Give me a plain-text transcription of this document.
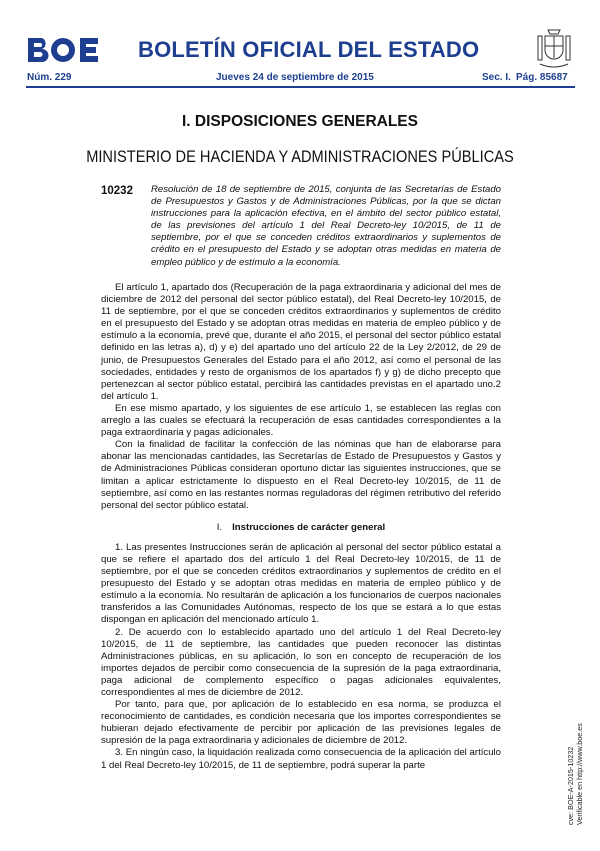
BOLETÍN OFICIAL DEL ESTADO
Núm. 229	Jueves 24 de septiembre de 2015	Sec. I. Pág. 85687
I. DISPOSICIONES GENERALES
MINISTERIO DE HACIENDA Y ADMINISTRACIONES PÚBLICAS
10232 Resolución de 18 de septiembre de 2015, conjunta de las Secretarías de Estado de Presupuestos y Gastos y de Administraciones Públicas, por la que se dictan instrucciones para la aplicación efectiva, en el ámbito del sector público estatal, de las previsiones del artículo 1 del Real Decreto-ley 10/2015, de 11 de septiembre, por el que se conceden créditos extraordinarios y suplementos de crédito en el presupuesto del Estado y se adoptan otras medidas en materia de empleo público y de estímulo a la economía.

El artículo 1, apartado dos (Recuperación de la paga extraordinaria y adicional del mes de diciembre de 2012 del personal del sector público estatal), del Real Decreto-ley 10/2015, de 11 de septiembre, por el que se conceden créditos extraordinarios y suplementos de crédito en el presupuesto del Estado y se adoptan otras medidas en materia de empleo público y de estímulo a la economía, prevé que, durante el año 2015, el personal del sector público estatal definido en las letras a), d) y e) del apartado uno del artículo 22 de la Ley 2/2012, de 29 de junio, de Presupuestos Generales del Estado para el año 2012, así como el personal de las sociedades, entidades y resto de organismos de los apartados f) y g) de dicho precepto que pertenezcan al sector público estatal, percibirá las cantidades previstas en el apartado uno.2 del artículo 1.

En ese mismo apartado, y los siguientes de ese artículo 1, se establecen las reglas con arreglo a las cuales se efectuará la recuperación de esas cantidades correspondientes a la paga extraordinaria y pagas adicionales.

Con la finalidad de facilitar la confección de las nóminas que han de elaborarse para abonar las mencionadas cantidades, las Secretarías de Estado de Presupuestos y Gastos y de Administraciones Públicas consideran oportuno dictar las siguientes instrucciones, que se limitan a aplicar estrictamente lo dispuesto en el Real Decreto-ley 10/2015, de 11 de septiembre, así como en las restantes normas reguladoras del régimen retributivo del referido personal del sector público estatal.

I. Instrucciones de carácter general

1. Las presentes Instrucciones serán de aplicación al personal del sector público estatal a que se refiere el apartado dos del artículo 1 del Real Decreto-ley 10/2015, de 11 de septiembre, por el que se conceden créditos extraordinarios y suplementos de crédito en el presupuesto del Estado y se adoptan otras medidas en materia de empleo público y de estímulo a la economía. No resultarán de aplicación a los funcionarios de cuerpos nacionales transferidos a las Comunidades Autónomas, respecto de los que se estará a lo que estas dispongan en aplicación del mencionado artículo 1.

2. De acuerdo con lo establecido apartado uno del artículo 1 del Real Decreto-ley 10/2015, de 11 de septiembre, las cantidades que pueden reconocer las distintas Administraciones públicas, en su aplicación, lo son en concepto de recuperación de los importes dejados de percibir como consecuencia de la supresión de la paga extraordinaria, paga adicional de complemento específico o pagas adicionales equivalentes, correspondientes al mes de diciembre de 2012.

Por tanto, para que, por aplicación de lo establecido en esa norma, se produzca el reconocimiento de cantidades, es condición necesaria que los importes correspondientes se hubieran dejado efectivamente de percibir por aplicación de las previsiones legales de supresión de la paga extraordinaria y adicionales de diciembre de 2012.

3. En ningún caso, la liquidación realizada como consecuencia de la aplicación del artículo 1 del Real Decreto-ley 10/2015, de 11 de septiembre, podrá superar la parte	cve: BOE-A-2015-10232 Verificable en http://www.boe.es
